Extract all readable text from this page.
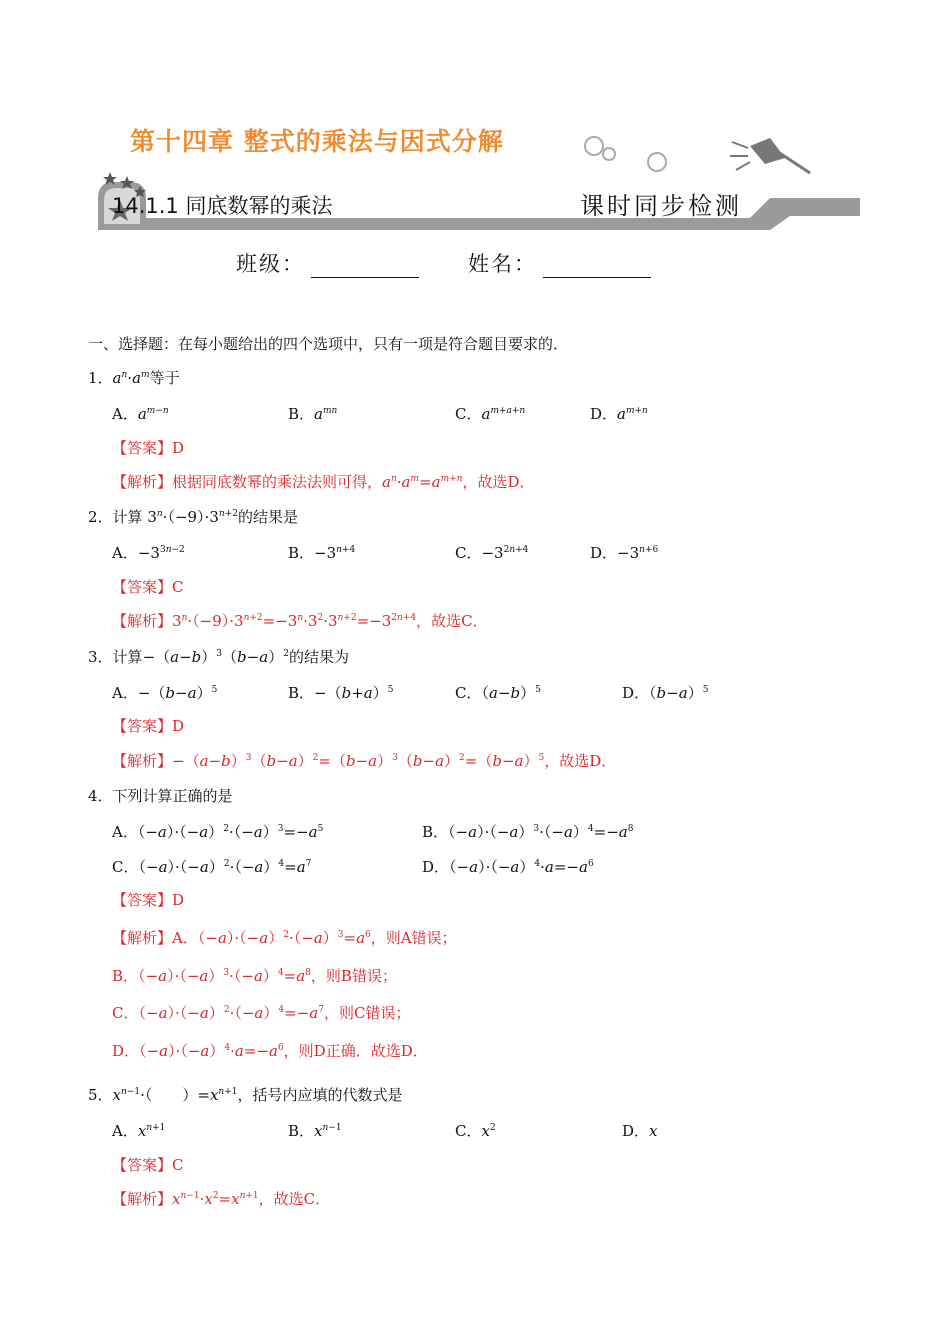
第十四章 整式的乘法与因式分解
14.1.1 同底数幂的乘法	课时同步检测
班级：	姓名：
一、选择题：在每小题给出的四个选项中，只有一项是符合题目要求的．
1．$a^n\cdot a^m$等于
A．$a^{m-n}$	B．$a^{mn}$	C．$a^{m+a+n}$	D．$a^{m+n}$
【答案】D
【解析】根据同底数幂的乘法法则可得，$a^n\cdot a^m=a^{m+n}$，故选D．
2．计算 $3^n\cdot(-9)\cdot 3^{n+2}$的结果是
A．$-3^{3n-2}$	B．$-3^{n+4}$	C．$-3^{2n+4}$	D．$-3^{n+6}$
【答案】C
【解析】$3^n\cdot(-9)\cdot 3^{n+2}=-3^n\cdot 3^2\cdot 3^{n+2}=-3^{2n+4}$，故选C．
3．计算$-(a-b)^3(b-a)^2$的结果为
A．$-(b-a)^5$	B．$-(b+a)^5$	C．$(a-b)^5$	D．$(b-a)^5$
【答案】D
【解析】$-(a-b)^3(b-a)^2=(b-a)^3(b-a)^2=(b-a)^5$，故选D．
4．下列计算正确的是
A．$(-a)\cdot(-a)^2\cdot(-a)^3=-a^5$	B．$(-a)\cdot(-a)^3\cdot(-a)^4=-a^8$
C．$(-a)\cdot(-a)^2\cdot(-a)^4=a^7$	D．$(-a)\cdot(-a)^4\cdot a=-a^6$
【答案】D
【解析】A．$(-a)\cdot(-a)^2\cdot(-a)^3=a^6$，则A错误；
B．$(-a)\cdot(-a)^3\cdot(-a)^4=a^8$，则B错误；
C．$(-a)\cdot(-a)^2\cdot(-a)^4=-a^7$，则C错误；
D．$(-a)\cdot(-a)^4\cdot a=-a^6$，则D正确．故选D．
5．$x^{n-1}\cdot$（　　）$=x^{n+1}$，括号内应填的代数式是
A．$x^{n+1}$	B．$x^{n-1}$	C．$x^2$	D．x
【答案】C
【解析】$x^{n-1}\cdot x^2=x^{n+1}$，故选C．
